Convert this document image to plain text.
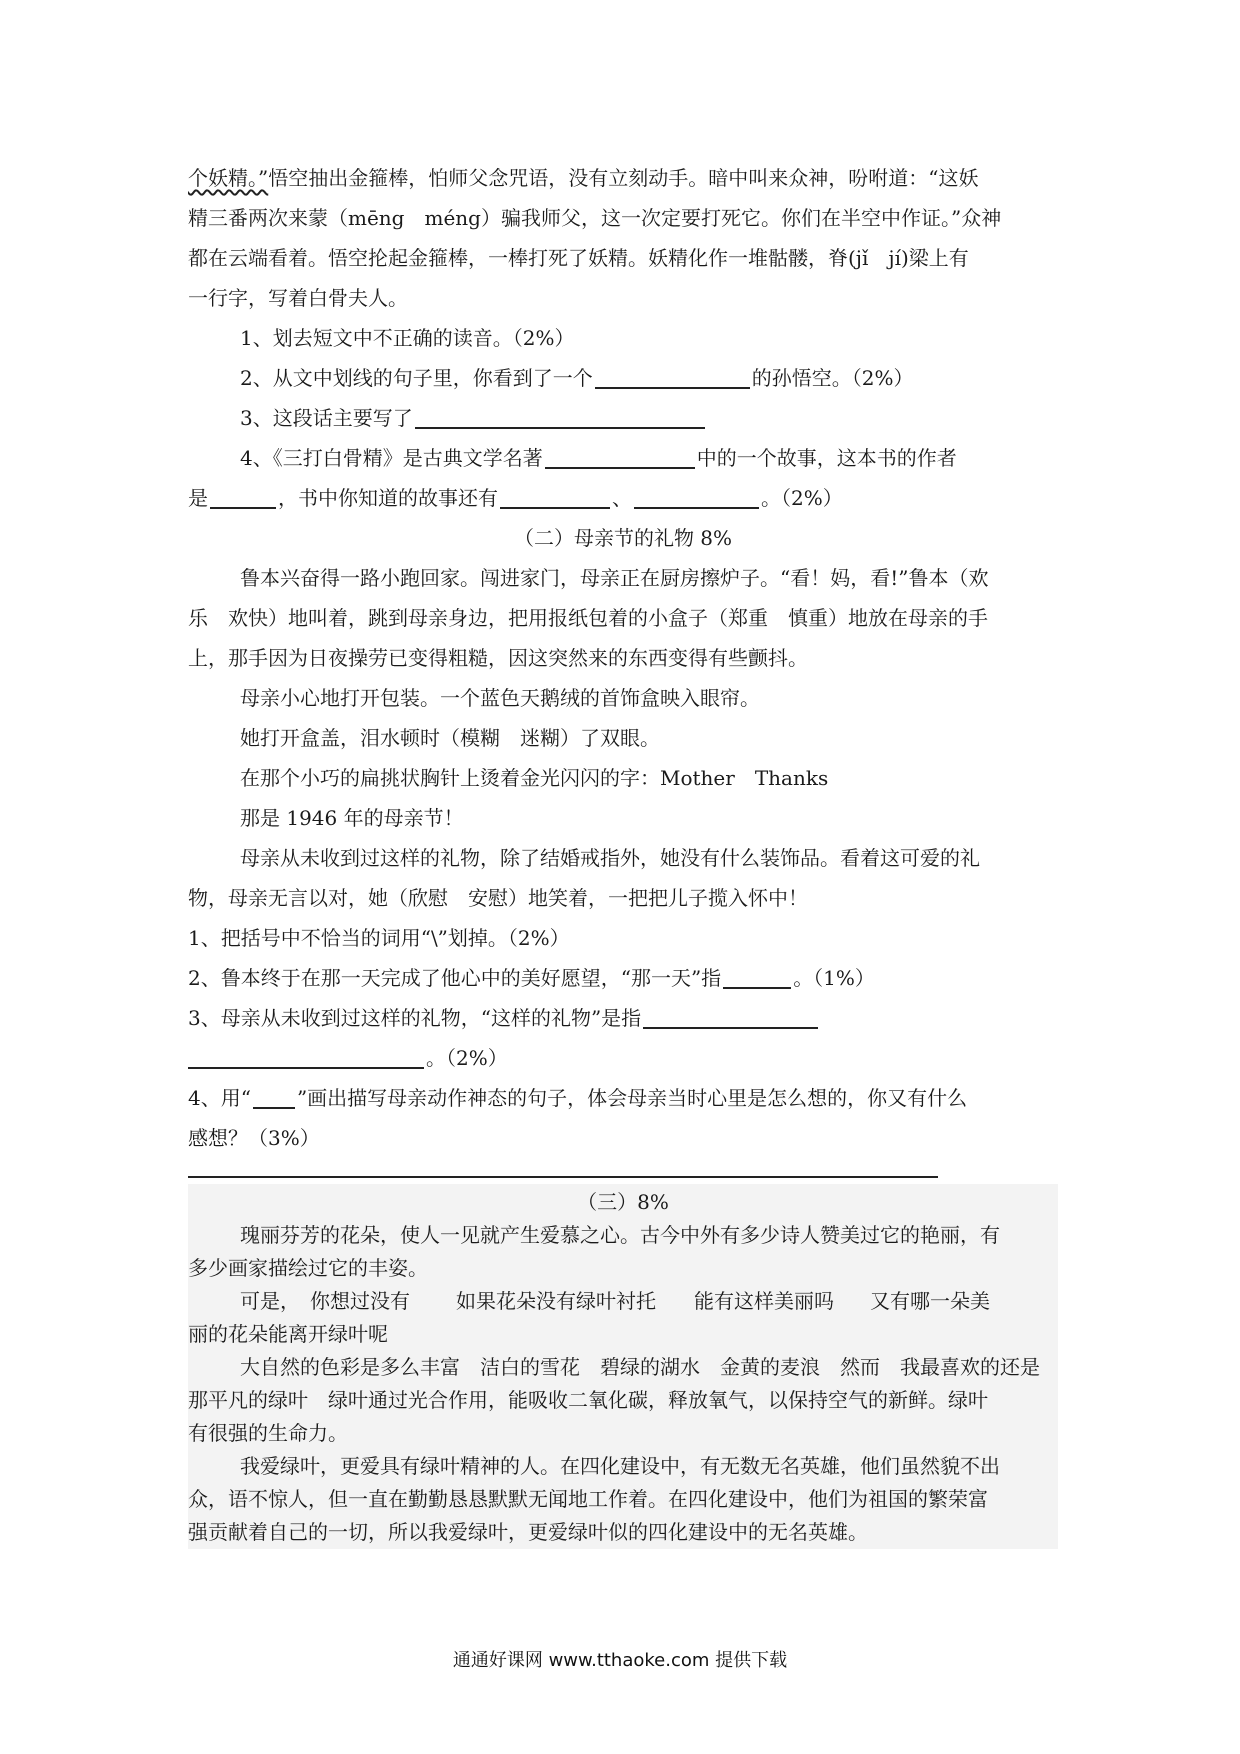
个妖精。”悟空抽出金箍棒，怕师父念咒语，没有立刻动手。暗中叫来众神，吩咐道：“这妖
精三番两次来蒙（mēng　méng）骗我师父，这一次定要打死它。你们在半空中作证。”众神
都在云端看着。悟空抡起金箍棒，一棒打死了妖精。妖精化作一堆骷髅，脊(jǐ　jí)梁上有
一行字，写着白骨夫人。
1、划去短文中不正确的读音。（2%）
2、从文中划线的句子里，你看到了一个	的孙悟空。（2%）
3、这段话主要写了
4、《三打白骨精》是古典文学名著	中的一个故事，这本书的作者
是	，书中你知道的故事还有	、	。（2%）
（二）母亲节的礼物 8%
鲁本兴奋得一路小跑回家。闯进家门，母亲正在厨房擦炉子。“看！妈，看!”鲁本（欢
乐　欢快）地叫着，跳到母亲身边，把用报纸包着的小盒子（郑重　慎重）地放在母亲的手
上，那手因为日夜操劳已变得粗糙，因这突然来的东西变得有些颤抖。
母亲小心地打开包装。一个蓝色天鹅绒的首饰盒映入眼帘。
她打开盒盖，泪水顿时（模糊　迷糊）了双眼。
在那个小巧的扁挑状胸针上烫着金光闪闪的字：Mother　Thanks
那是 1946 年的母亲节！
母亲从未收到过这样的礼物，除了结婚戒指外，她没有什么装饰品。看着这可爱的礼
物，母亲无言以对，她（欣慰　安慰）地笑着，一把把儿子揽入怀中！
1、把括号中不恰当的词用“\”划掉。（2%）
2、鲁本终于在那一天完成了他心中的美好愿望，“那一天”指	。（1%）
3、母亲从未收到过这样的礼物，“这样的礼物”是指
。（2%）
4、用“ ”画出描写母亲动作神态的句子，体会母亲当时心里是怎么想的，你又有什么
感想？（3%）
（三）8%
瑰丽芬芳的花朵，使人一见就产生爱慕之心。古今中外有多少诗人赞美过它的艳丽，有
多少画家描绘过它的丰姿。
可是， 你想过没有 如果花朵没有绿叶衬托 能有这样美丽吗 又有哪一朵美
丽的花朵能离开绿叶呢
大自然的色彩是多么丰富　洁白的雪花　碧绿的湖水　金黄的麦浪　然而　我最喜欢的还是
那平凡的绿叶　绿叶通过光合作用，能吸收二氧化碳，释放氧气，以保持空气的新鲜。绿叶
有很强的生命力。
我爱绿叶，更爱具有绿叶精神的人。在四化建设中，有无数无名英雄，他们虽然貌不出
众，语不惊人，但一直在勤勤恳恳默默无闻地工作着。在四化建设中，他们为祖国的繁荣富
强贡献着自己的一切，所以我爱绿叶，更爱绿叶似的四化建设中的无名英雄。
通通好课网 www.tthaoke.com 提供下载
